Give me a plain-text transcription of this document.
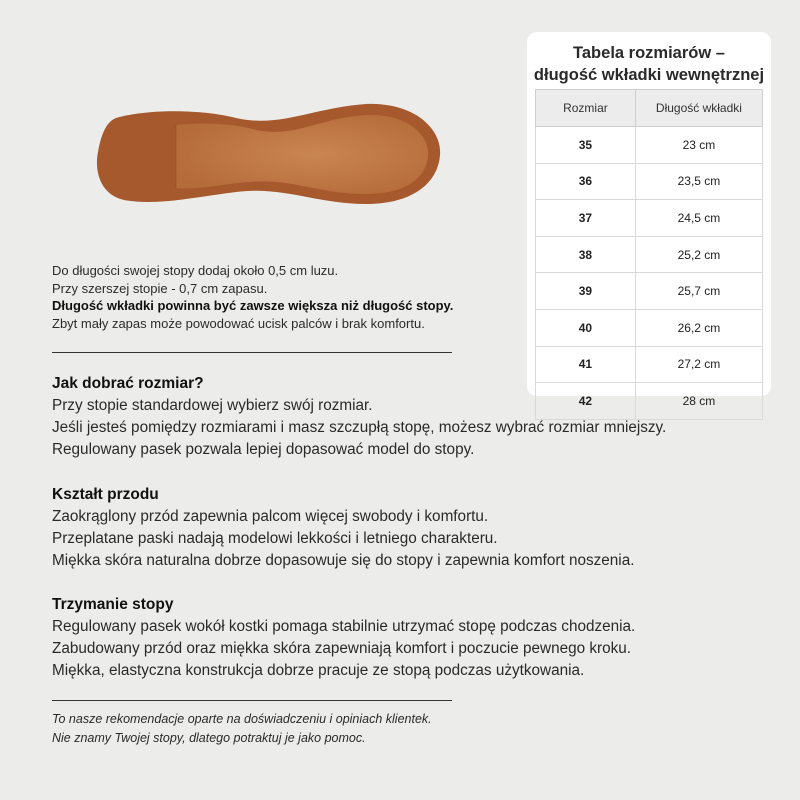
Tabela rozmiarów –
długość wkładki wewnętrznej
Rozmiar	Długość wkładki
35	23 cm
36	23,5 cm
37	24,5 cm
38	25,2 cm
39	25,7 cm
40	26,2 cm
41	27,2 cm
42	28 cm
Do długości swojej stopy dodaj około 0,5 cm luzu.
Przy szerszej stopie - 0,7 cm zapasu.
Długość wkładki powinna być zawsze większa niż długość stopy.
Zbyt mały zapas może powodować ucisk palców i brak komfortu.
Jak dobrać rozmiar?

Przy stopie standardowej wybierz swój rozmiar.

Jeśli jesteś pomiędzy rozmiarami i masz szczupłą stopę, możesz wybrać rozmiar mniejszy.

Regulowany pasek pozwala lepiej dopasować model do stopy.

Kształt przodu

Zaokrąglony przód zapewnia palcom więcej swobody i komfortu.

Przeplatane paski nadają modelowi lekkości i letniego charakteru.

Miękka skóra naturalna dobrze dopasowuje się do stopy i zapewnia komfort noszenia.

Trzymanie stopy

Regulowany pasek wokół kostki pomaga stabilnie utrzymać stopę podczas chodzenia.

Zabudowany przód oraz miękka skóra zapewniają komfort i poczucie pewnego kroku.

Miękka, elastyczna konstrukcja dobrze pracuje ze stopą podczas użytkowania.

To nasze rekomendacje oparte na doświadczeniu i opiniach klientek.
Nie znamy Twojej stopy, dlatego potraktuj je jako pomoc.
